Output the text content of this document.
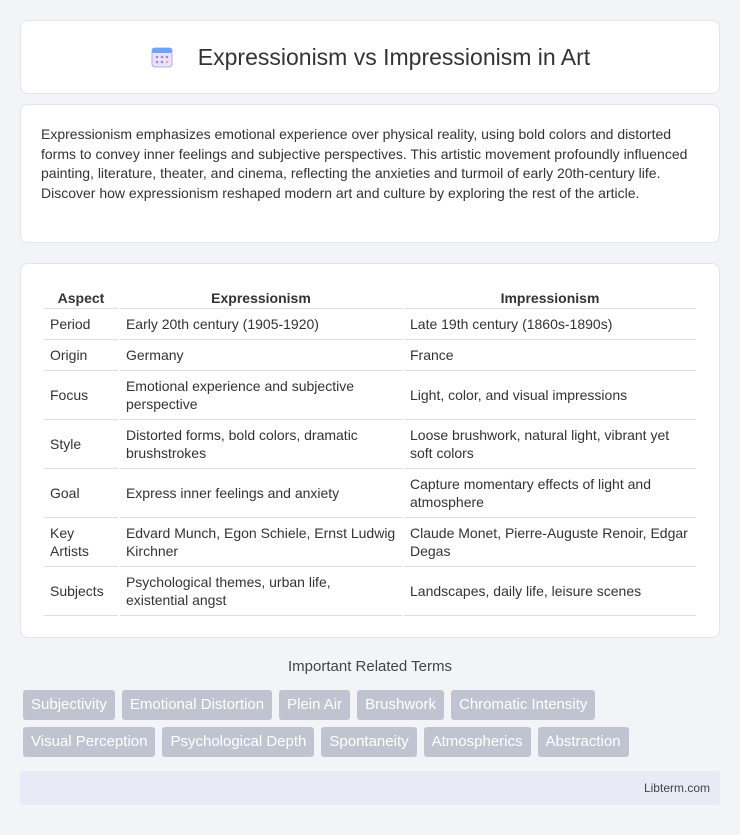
Expressionism vs Impressionism in Art

Expressionism emphasizes emotional experience over physical reality, using bold colors and distorted forms to convey inner feelings and subjective perspectives. This artistic movement profoundly influenced painting, literature, theater, and cinema, reflecting the anxieties and turmoil of early 20th-century life. Discover how expressionism reshaped modern art and culture by exploring the rest of the article.

Aspect	Expressionism	Impressionism
Period	Early 20th century (1905-1920)	Late 19th century (1860s-1890s)
Origin	Germany	France
Focus	Emotional experience and subjective perspective	Light, color, and visual impressions
Style	Distorted forms, bold colors, dramatic brushstrokes	Loose brushwork, natural light, vibrant yet soft colors
Goal	Express inner feelings and anxiety	Capture momentary effects of light and atmosphere
Key Artists	Edvard Munch, Egon Schiele, Ernst Ludwig Kirchner	Claude Monet, Pierre-Auguste Renoir, Edgar Degas
Subjects	Psychological themes, urban life, existential angst	Landscapes, daily life, leisure scenes
Important Related Terms
Subjectivity	Emotional Distortion	Plein Air	Brushwork	Chromatic Intensity
Visual Perception	Psychological Depth	Spontaneity	Atmospherics	Abstraction
Libterm.com
